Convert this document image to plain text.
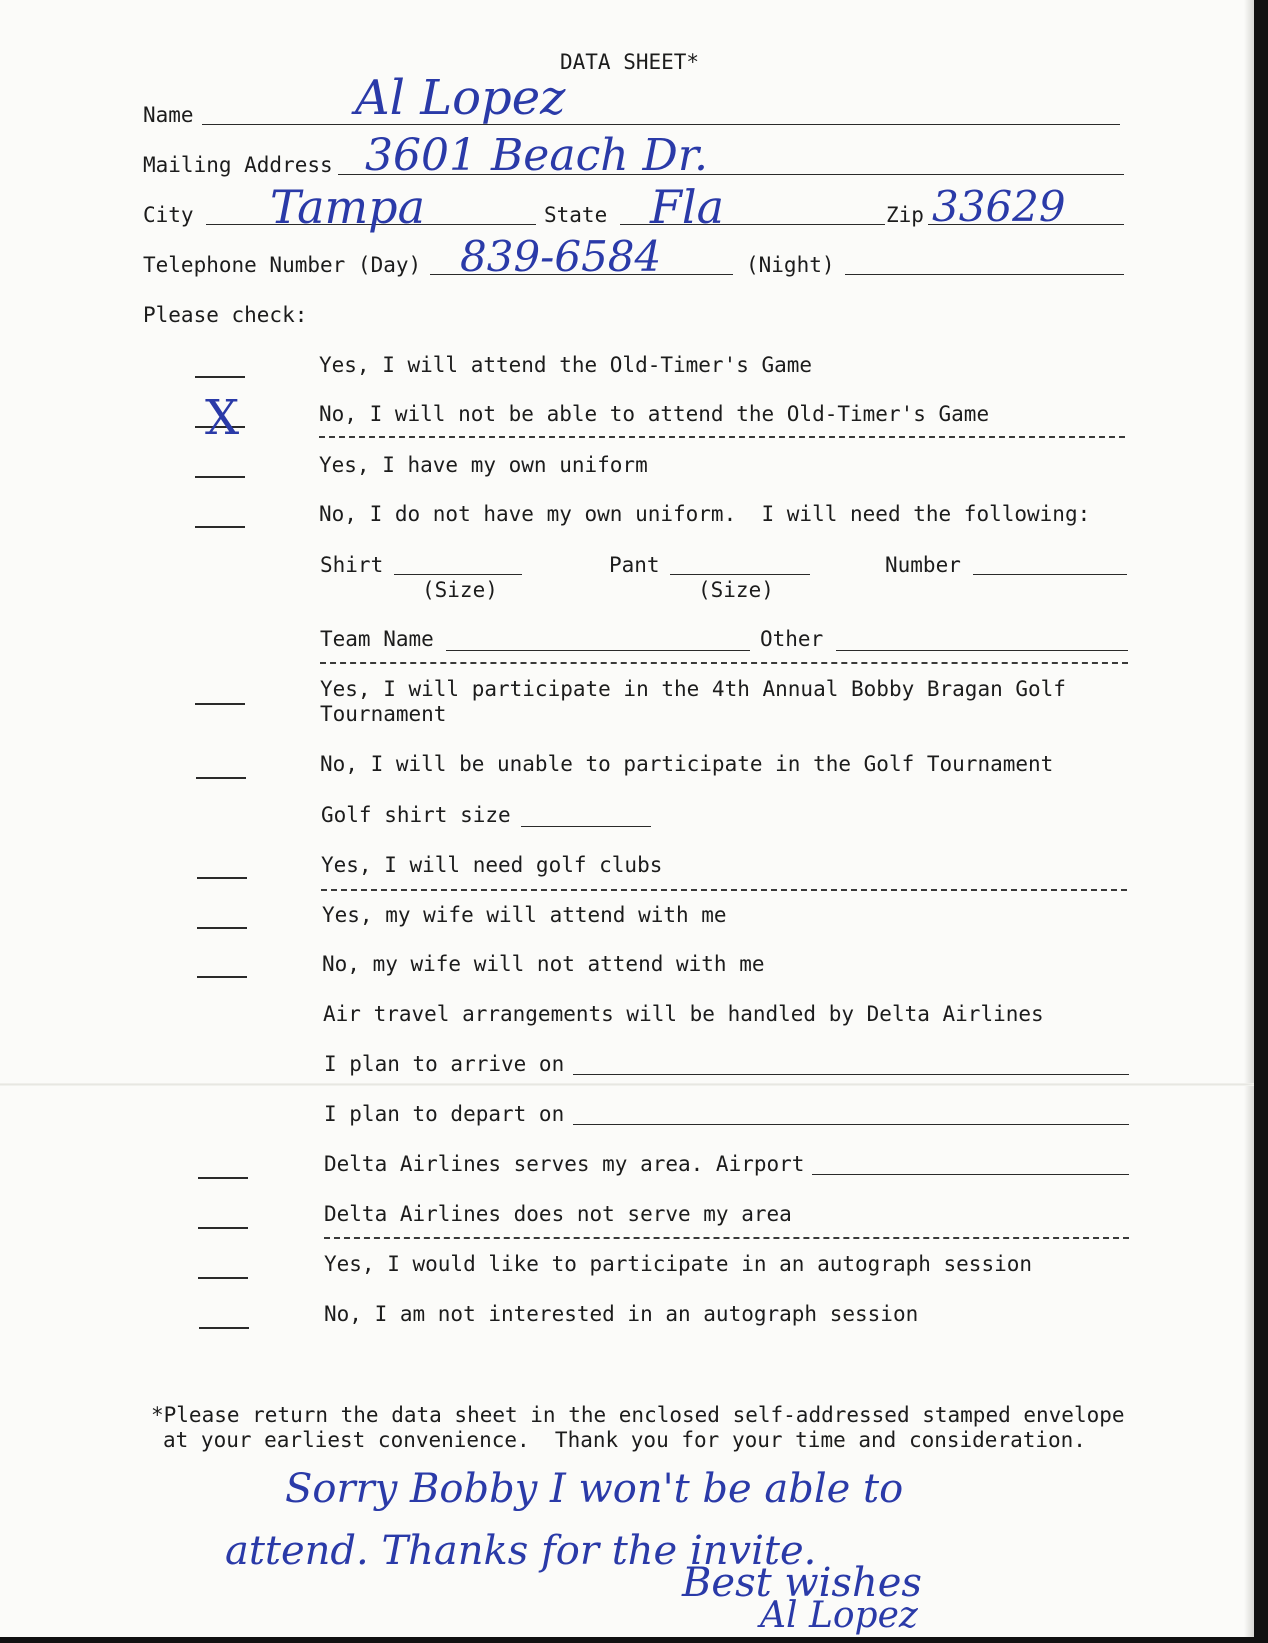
DATA SHEET*
Name	Al Lopez
Mailing Address 3601 Beach Dr.
City Tampa	State Fla	Zip 33629
Telephone Number (Day) 839-6584	(Night)
Please check:
Yes, I will attend the Old-Timer's Game
X	No, I will not be able to attend the Old-Timer's Game
Yes, I have my own uniform
No, I do not have my own uniform.  I will need the following:
Shirt
(Size)
Pant
(Size)
Number
Team Name	Other
Yes, I will participate in the 4th Annual Bobby Bragan Golf
Tournament
No, I will be unable to participate in the Golf Tournament
Golf shirt size
Yes, I will need golf clubs
Yes, my wife will attend with me
No, my wife will not attend with me
Air travel arrangements will be handled by Delta Airlines
I plan to arrive on
I plan to depart on
Delta Airlines serves my area. Airport
Delta Airlines does not serve my area
Yes, I would like to participate in an autograph session
No, I am not interested in an autograph session
*Please return the data sheet in the enclosed self-addressed stamped envelope
at your earliest convenience.  Thank you for your time and consideration.
Sorry Bobby I won't be able to
attend. Thanks for the invite.
Best wishes
Al Lopez
